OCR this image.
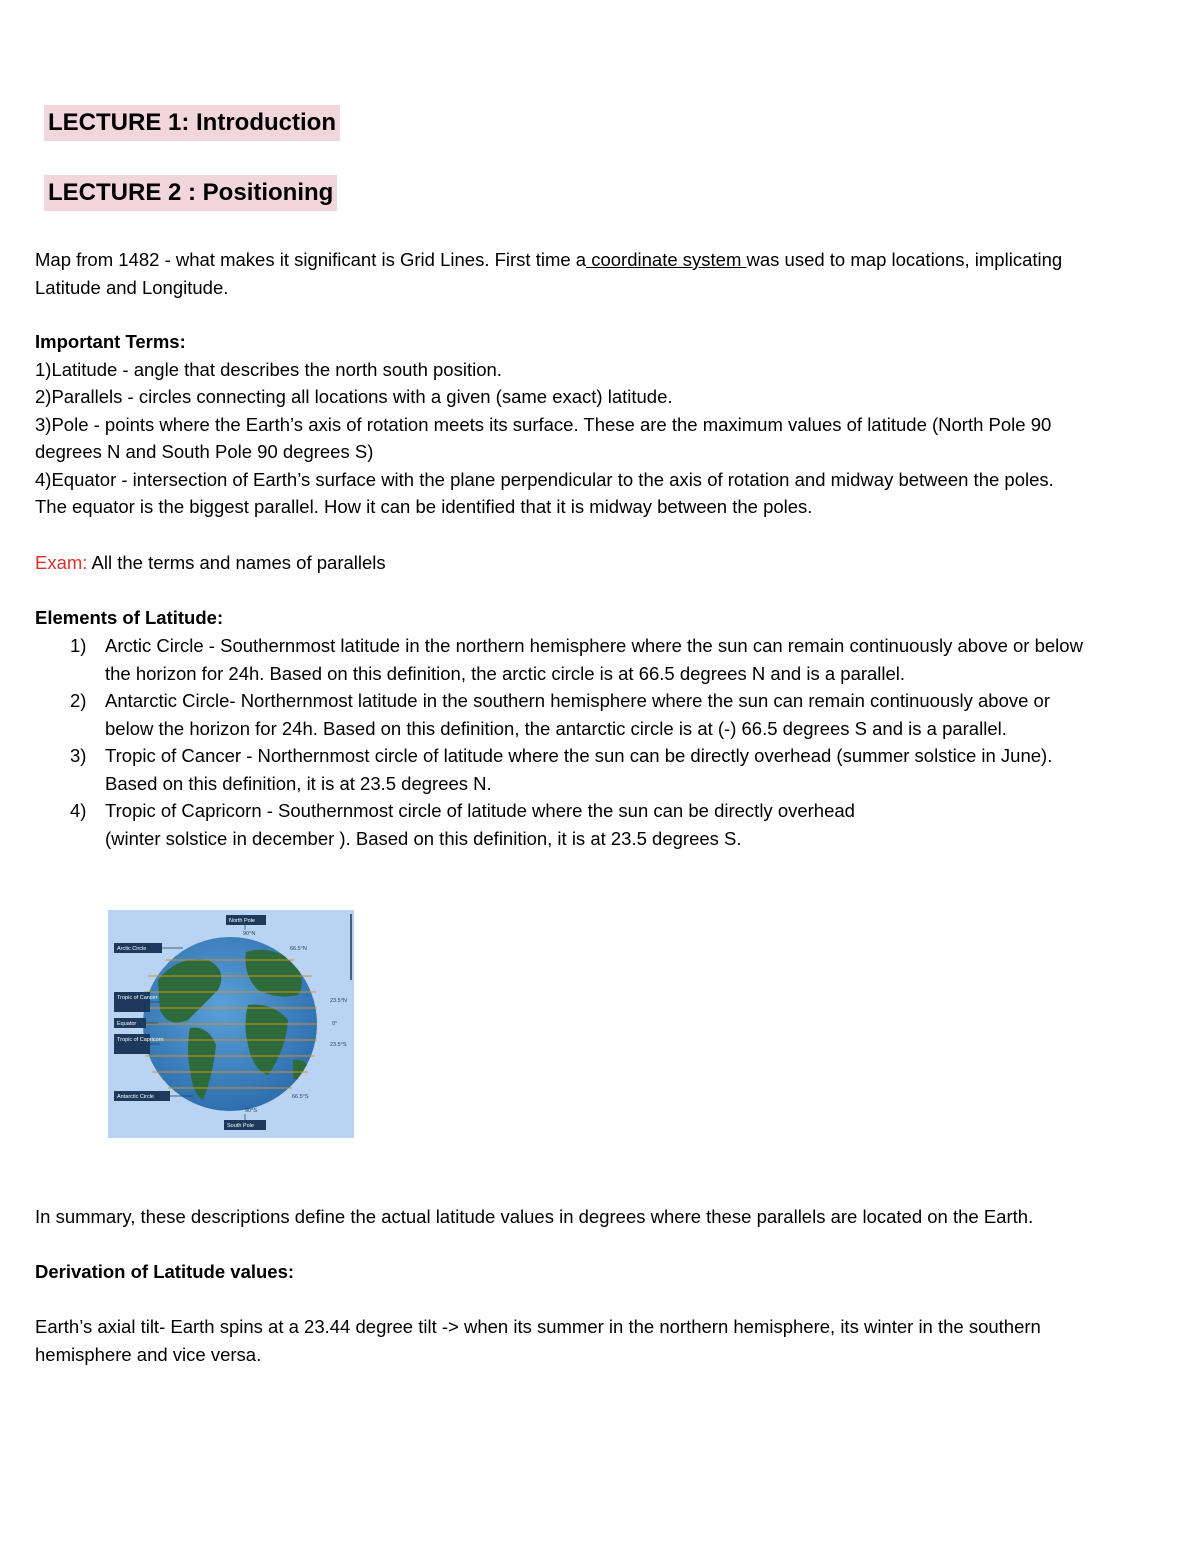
LECTURE 1: Introduction
LECTURE 2 : Positioning
Map from 1482 - what makes it significant is Grid Lines. First time a coordinate system was used to map locations, implicating
Latitude and Longitude.
Important Terms:
1)Latitude - angle that describes the north south position.
2)Parallels - circles connecting all locations with a given (same exact) latitude.
3)Pole - points where the Earth’s axis of rotation meets its surface. These are the maximum values of latitude (North Pole 90
degrees N and South Pole 90 degrees S)
4)Equator - intersection of Earth’s surface with the plane perpendicular to the axis of rotation and midway between the poles.
The equator is the biggest parallel. How it can be identified that it is midway between the poles.
Exam: All the terms and names of parallels
Elements of Latitude:
1) Arctic Circle - Southernmost latitude in the northern hemisphere where the sun can remain continuously above or below
the horizon for 24h. Based on this definition, the arctic circle is at 66.5 degrees N and is a parallel.
2) Antarctic Circle- Northernmost latitude in the southern hemisphere where the sun can remain continuously above or
below the horizon for 24h. Based on this definition, the antarctic circle is at (-) 66.5 degrees S and is a parallel.
3) Tropic of Cancer - Northernmost circle of latitude where the sun can be directly overhead (summer solstice in June).
Based on this definition, it is at 23.5 degrees N.
4) Tropic of Capricorn - Southernmost circle of latitude where the sun can be directly overhead
(winter solstice in december ). Based on this definition, it is at 23.5 degrees S.
North Pole
90°N
Arctic Circle	66.5°N
Tropic of Cancer	23.5°N
Equator	0°
Tropic of Capricorn
23.5°S
Antarctic Circle	66.5°S
90°S
South Pole
In summary, these descriptions define the actual latitude values in degrees where these parallels are located on the Earth.
Derivation of Latitude values:
Earth’s axial tilt- Earth spins at a 23.44 degree tilt -> when its summer in the northern hemisphere, its winter in the southern
hemisphere and vice versa.
